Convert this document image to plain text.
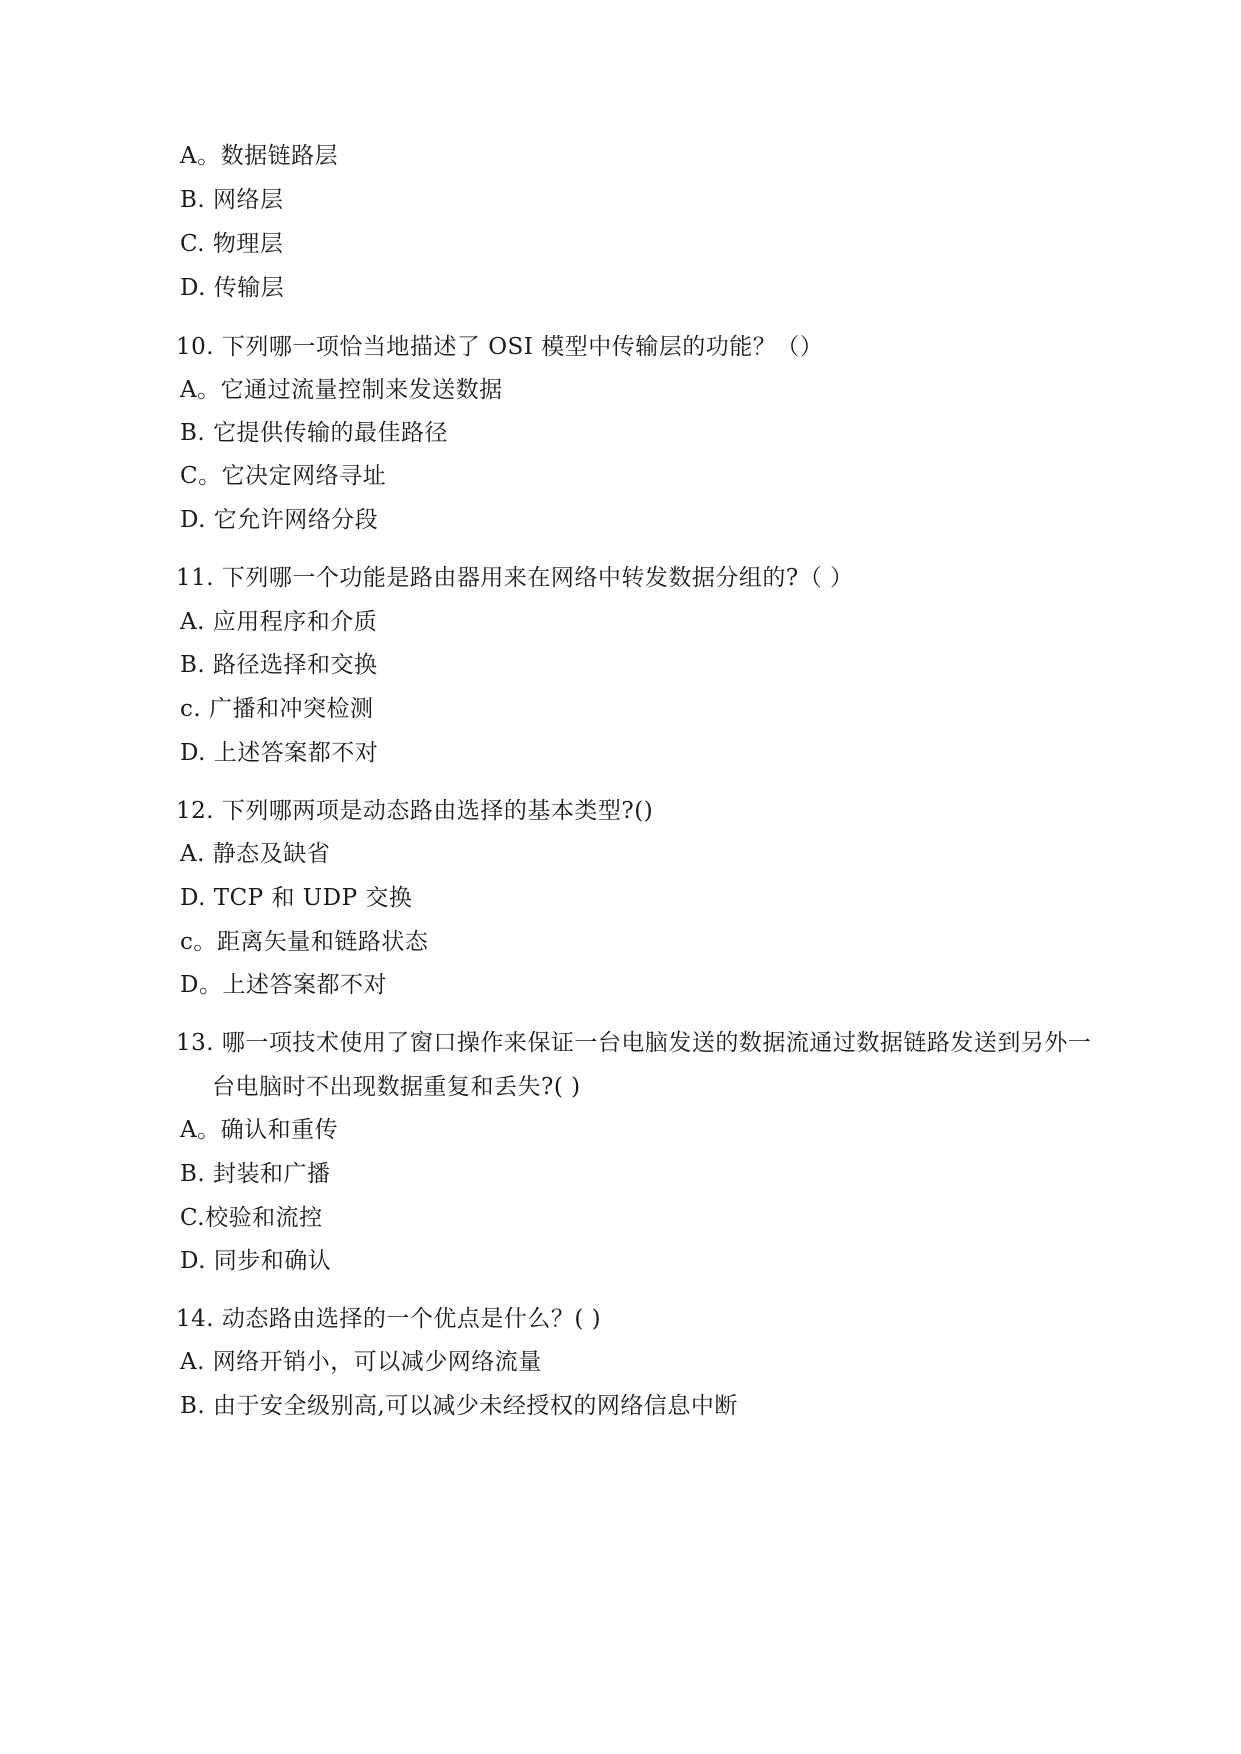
A。数据链路层
B. 网络层
C. 物理层
D. 传输层
10. 下列哪一项恰当地描述了 OSI 模型中传输层的功能？（）
A。它通过流量控制来发送数据
B. 它提供传输的最佳路径
C。它决定网络寻址
D. 它允许网络分段
11. 下列哪一个功能是路由器用来在网络中转发数据分组的?（ ）
A. 应用程序和介质
B. 路径选择和交换
c. 广播和冲突检测
D. 上述答案都不对
12. 下列哪两项是动态路由选择的基本类型?()
A. 静态及缺省
D. TCP 和 UDP 交换
c。距离矢量和链路状态
D。上述答案都不对
13. 哪一项技术使用了窗口操作来保证一台电脑发送的数据流通过数据链路发送到另外一
台电脑时不出现数据重复和丢失?( )
A。确认和重传
B. 封装和广播
C.校验和流控
D. 同步和确认
14. 动态路由选择的一个优点是什么？( )
A. 网络开销小，可以减少网络流量
B. 由于安全级别高,可以减少未经授权的网络信息中断
